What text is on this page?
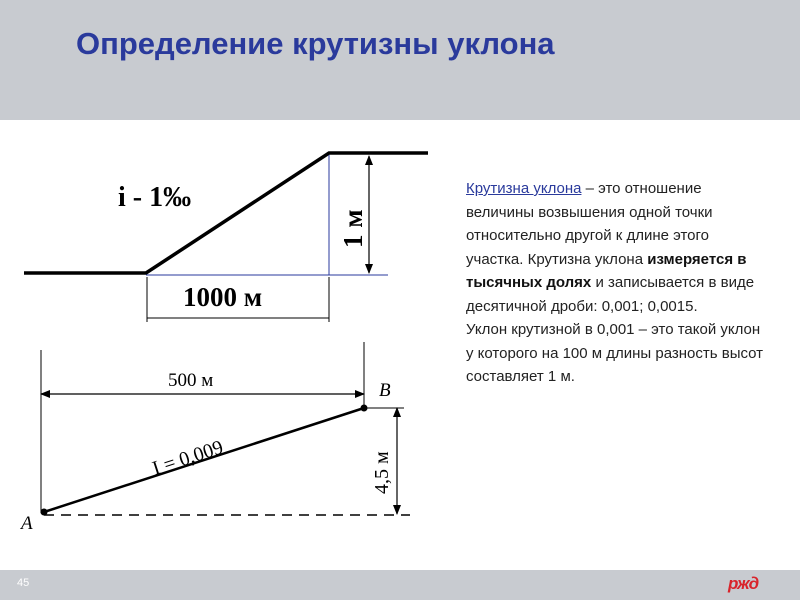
Определение крутизны уклона
i - 1‰
1000 м
1 м
500 м
A
B
I = 0,009	4,5 м
Крутизна уклона – это отношение величины возвышения одной точки относительно другой к длине этого участка. Крутизна уклона измеряется в тысячных долях и записывается в виде десятичной дроби: 0,001; 0,0015.
Уклон крутизной в 0,001 – это такой уклон у которого на 100 м длины разность высот составляет 1 м.
45	ржд
